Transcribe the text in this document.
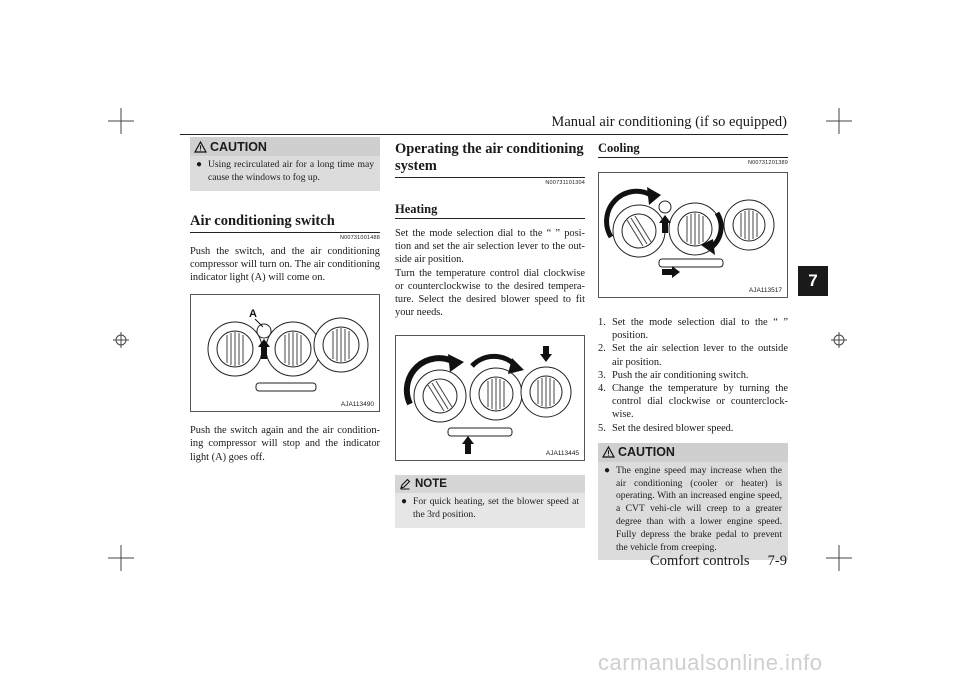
Manual air conditioning (if so equipped)
7
CAUTION
● Using recirculated air for a long time may cause the windows to fog up.
Air conditioning switch
N00731001488

Push the switch, and the air conditioning compressor will turn on. The air conditioning indicator light (A) will come on.

A
AJA113490

Push the switch again and the air condition-ing compressor will stop and the indicator light (A) goes off.

Operating the air conditioning system
N00731101304
Heating

Set the mode selection dial to the “ ” posi-tion and set the air selection lever to the out-side air position.

Turn the temperature control dial clockwise or counterclockwise to the desired tempera-ture. Select the desired blower speed to fit your needs.

AJA113445
NOTE
● For quick heating, set the blower speed at the 3rd position.
Cooling
N00731201389
AJA113517
1. Set the mode selection dial to the “ ” position.
2. Set the air selection lever to the outside air position.
3. Push the air conditioning switch.
4. Change the temperature by turning the control dial clockwise or counterclock-wise.
5. Set the desired blower speed.
CAUTION
● The engine speed may increase when the air conditioning (cooler or heater) is operating. With an increased engine speed, a CVT vehi-cle will creep to a greater degree than with a lower engine speed. Fully depress the brake pedal to prevent the vehicle from creeping.
Comfort controls 7-9
carmanualsonline.info
